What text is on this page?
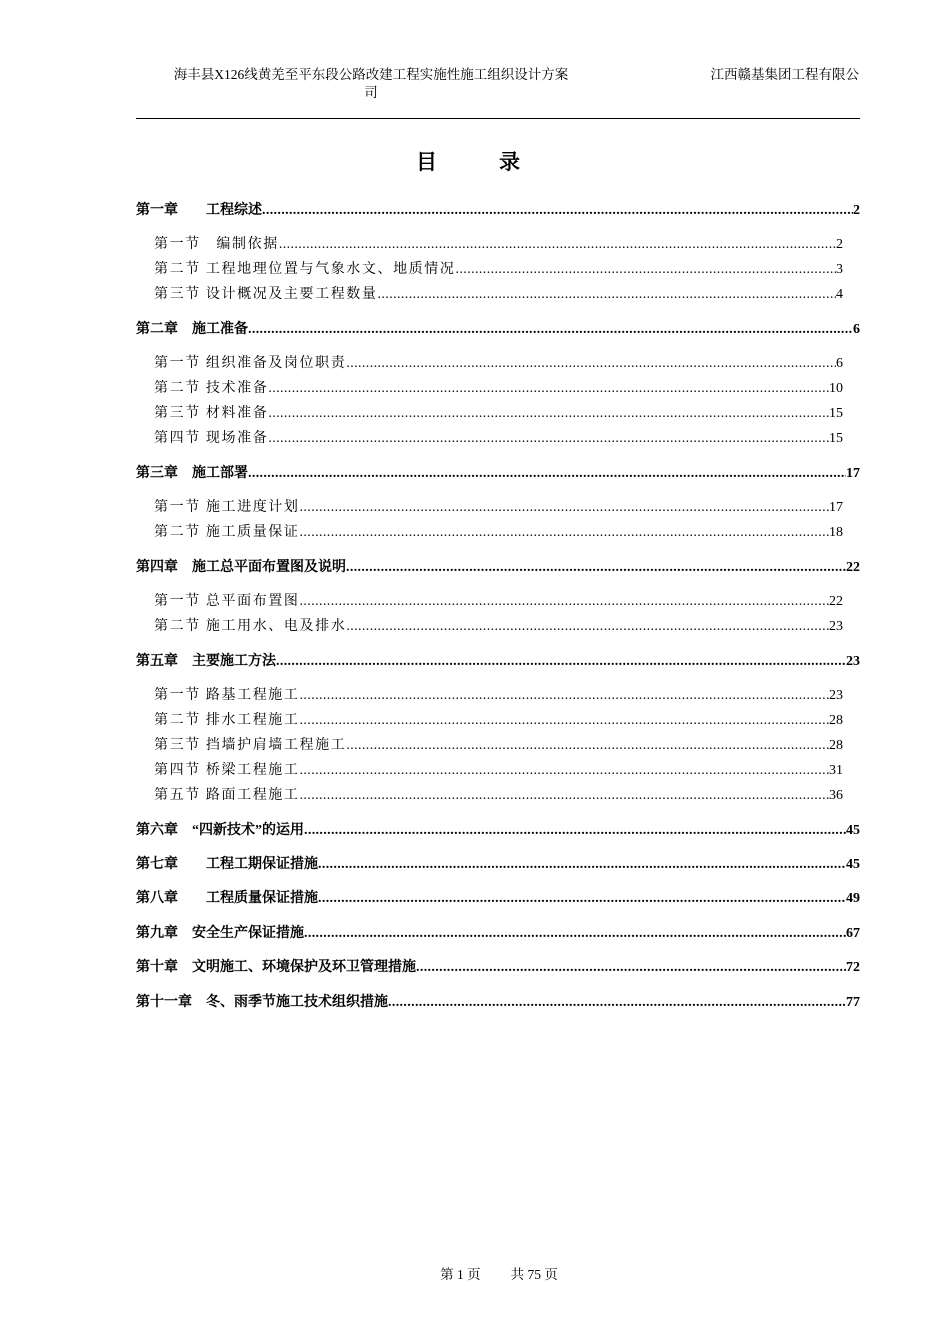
海丰县X126线黄羌至平东段公路改建工程实施性施工组织设计方案
司
江西赣基集团工程有限公
目录
第一章　　工程综述 .....	2
第一节　编制依据 .....	2
第二节 工程地理位置与气象水文、地质情况 .....	3
第三节 设计概况及主要工程数量 .....	4
第二章　施工准备 .....	6
第一节 组织准备及岗位职责 .....	6
第二节 技术准备 .....	10
第三节 材料准备 .....	15
第四节 现场准备 .....	15
第三章　施工部署 .....	17
第一节 施工进度计划 .....	17
第二节 施工质量保证 .....	18
第四章　施工总平面布置图及说明 .....	22
第一节 总平面布置图 .....	22
第二节 施工用水、电及排水 .....	23
第五章　主要施工方法 .....	23
第一节 路基工程施工 .....	23
第二节 排水工程施工 .....	28
第三节 挡墙护肩墙工程施工 .....	28
第四节 桥梁工程施工 .....	31
第五节 路面工程施工 .....	36
第六章　“四新技术”的运用 .....	45
第七章　　工程工期保证措施 .....	45
第八章　　工程质量保证措施 .....	49
第九章　安全生产保证措施 .....	67
第十章　文明施工、环境保护及环卫管理措施 .....	72
第十一章　冬、雨季节施工技术组织措施 .....	77
第 1 页 共 75 页
